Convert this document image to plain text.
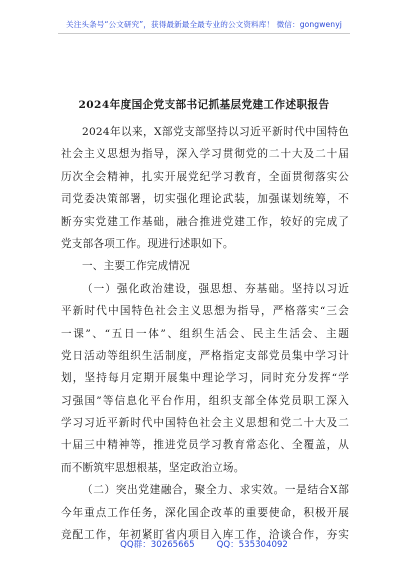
关注头条号“公文研究”，获得最新最全最专业的公文资料库！ 微信：gongwenyj
2024年度国企党支部书记抓基层党建工作述职报告
2024年以来，X部党支部坚持以习近平新时代中国特色
社会主义思想为指导，深入学习贯彻党的二十大及二十届
历次全会精神，扎实开展党纪学习教育，全面贯彻落实公
司党委决策部署，切实强化理论武装，加强谋划统筹，不
断夯实党建工作基础，融合推进党建工作，较好的完成了
党支部各项工作。现进行述职如下。
一、主要工作完成情况
（一）强化政治建设，强思想、夯基础。坚持以习近
平新时代中国特色社会主义思想为指导，严格落实“三会
一课”、“五日一体”、组织生活会、民主生活会、主题
党日活动等组织生活制度，严格指定支部党员集中学习计
划，坚持每月定期开展集中理论学习，同时充分发挥“学
习强国”等信息化平台作用，组织支部全体党员职工深入
学习习近平新时代中国特色社会主义思想和党二十大及二
十届三中精神等，推进党员学习教育常态化、全覆盖，从
而不断筑牢思想根基，坚定政治立场。
（二）突出党建融合，聚全力、求实效。一是结合X部
今年重点工作任务，深化国企改革的重要使命，积极开展
竞配工作，年初紧盯省内项目入库工作，洽谈合作，夯实
QQ群：30265665	QQ：535304092
